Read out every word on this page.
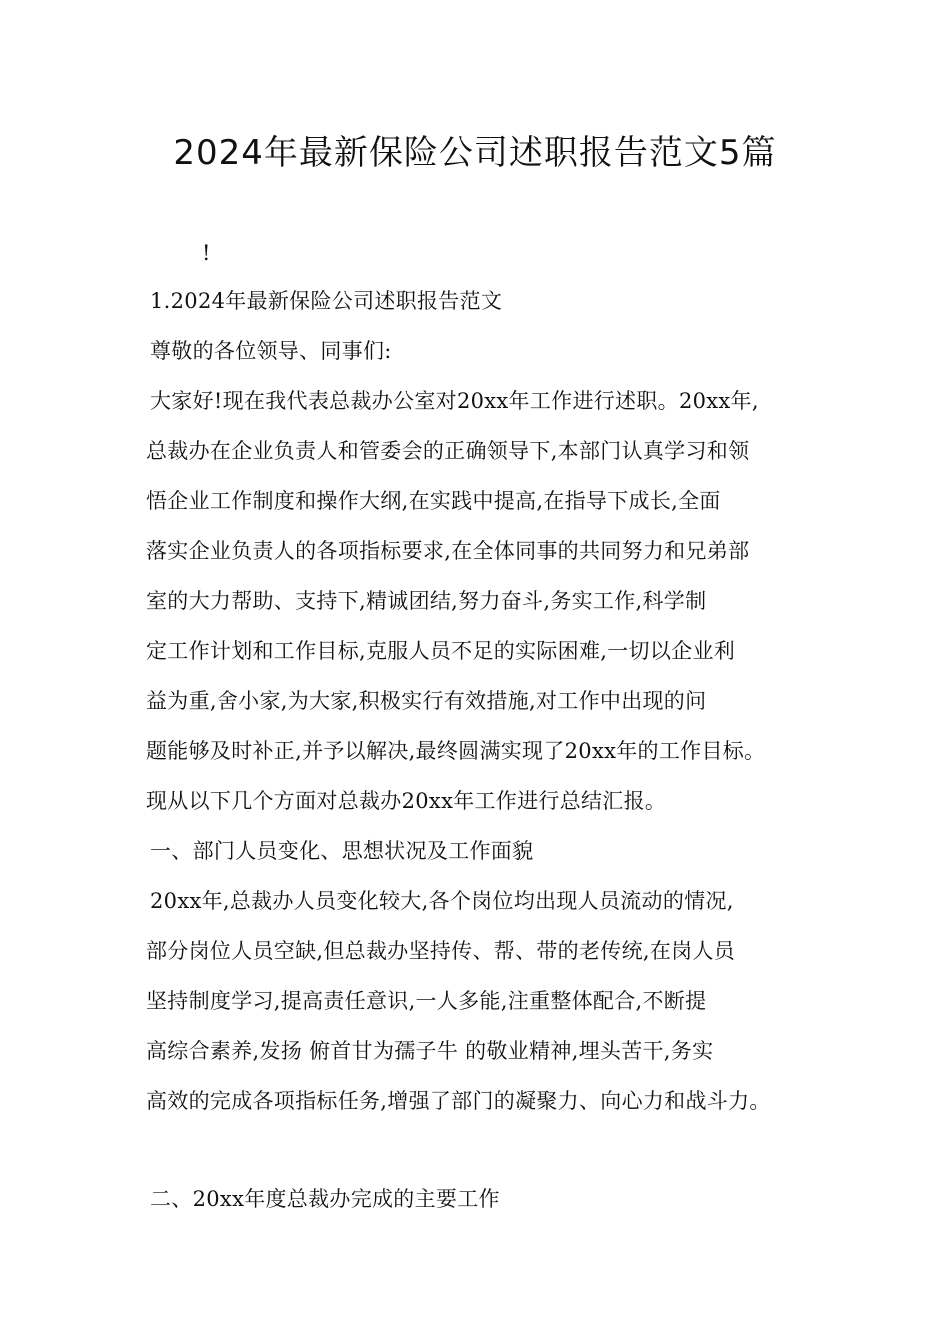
2024年最新保险公司述职报告范文5篇
!
1.2024年最新保险公司述职报告范文
尊敬的各位领导、同事们:
大家好!现在我代表总裁办公室对20xx年工作进行述职。20xx年,
总裁办在企业负责人和管委会的正确领导下,本部门认真学习和领
悟企业工作制度和操作大纲,在实践中提高,在指导下成长,全面
落实企业负责人的各项指标要求,在全体同事的共同努力和兄弟部
室的大力帮助、支持下,精诚团结,努力奋斗,务实工作,科学制
定工作计划和工作目标,克服人员不足的实际困难,一切以企业利
益为重,舍小家,为大家,积极实行有效措施,对工作中出现的问
题能够及时补正,并予以解决,最终圆满实现了20xx年的工作目标。
现从以下几个方面对总裁办20xx年工作进行总结汇报。
一、部门人员变化、思想状况及工作面貌
20xx年,总裁办人员变化较大,各个岗位均出现人员流动的情况,
部分岗位人员空缺,但总裁办坚持传、帮、带的老传统,在岗人员
坚持制度学习,提高责任意识,一人多能,注重整体配合,不断提
高综合素养,发扬 俯首甘为孺子牛 的敬业精神,埋头苦干,务实
高效的完成各项指标任务,增强了部门的凝聚力、向心力和战斗力。
二、20xx年度总裁办完成的主要工作
